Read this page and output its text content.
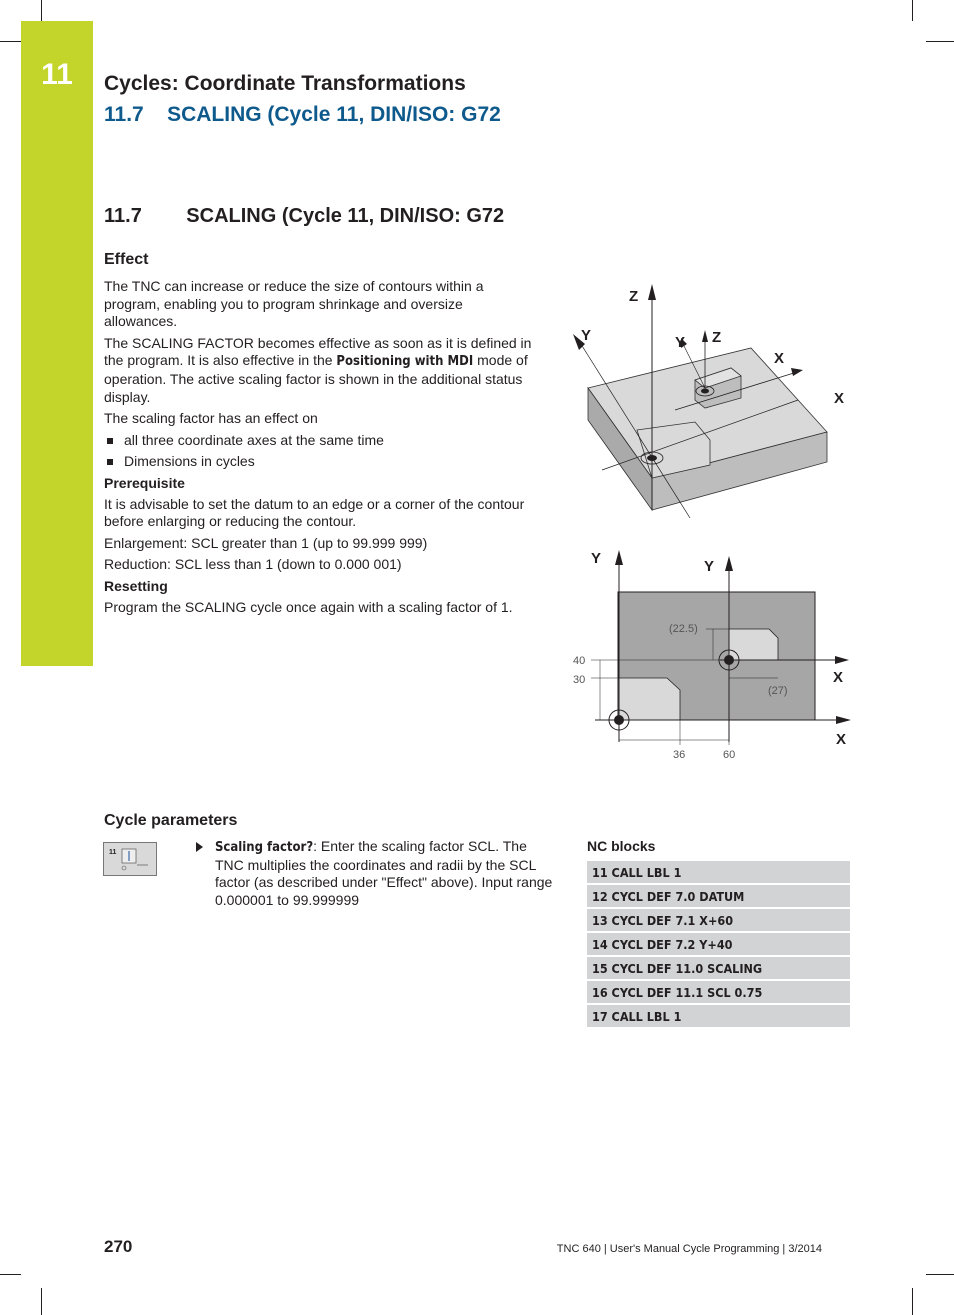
11	Cycles: Coordinate Transformations
11.7 SCALING (Cycle 11, DIN/ISO: G72
11.7 SCALING (Cycle 11, DIN/ISO: G72
Effect

The TNC can increase or reduce the size of contours within a program, enabling you to program shrinkage and oversize allowances.

The SCALING FACTOR becomes effective as soon as it is defined in the program. It is also effective in the Positioning with MDI mode of operation. The active scaling factor is shown in the additional status display.

The scaling factor has an effect on

all three coordinate axes at the same time

Dimensions in cycles

Prerequisite

It is advisable to set the datum to an edge or a corner of the contour before enlarging or reducing the contour.

Enlargement: SCL greater than 1 (up to 99.999 999)

Reduction: SCL less than 1 (down to 0.000 001)

Resetting

Program the SCALING cycle once again with a scaling factor of 1.

Z
Y	Y Z
X
X
Y	Y
X
X
40
30
36	60
(22.5)
(27)
Cycle parameters
11	Scaling factor?: Enter the scaling factor SCL. The TNC multiplies the coordinates and radii by the SCL factor (as described under "Effect" above). Input range 0.000001 to 99.999999
NC blocks
11 CALL LBL 1
12 CYCL DEF 7.0 DATUM
13 CYCL DEF 7.1 X+60
14 CYCL DEF 7.2 Y+40
15 CYCL DEF 11.0 SCALING
16 CYCL DEF 11.1 SCL 0.75
17 CALL LBL 1
270	TNC 640 | User's Manual Cycle Programming | 3/2014
